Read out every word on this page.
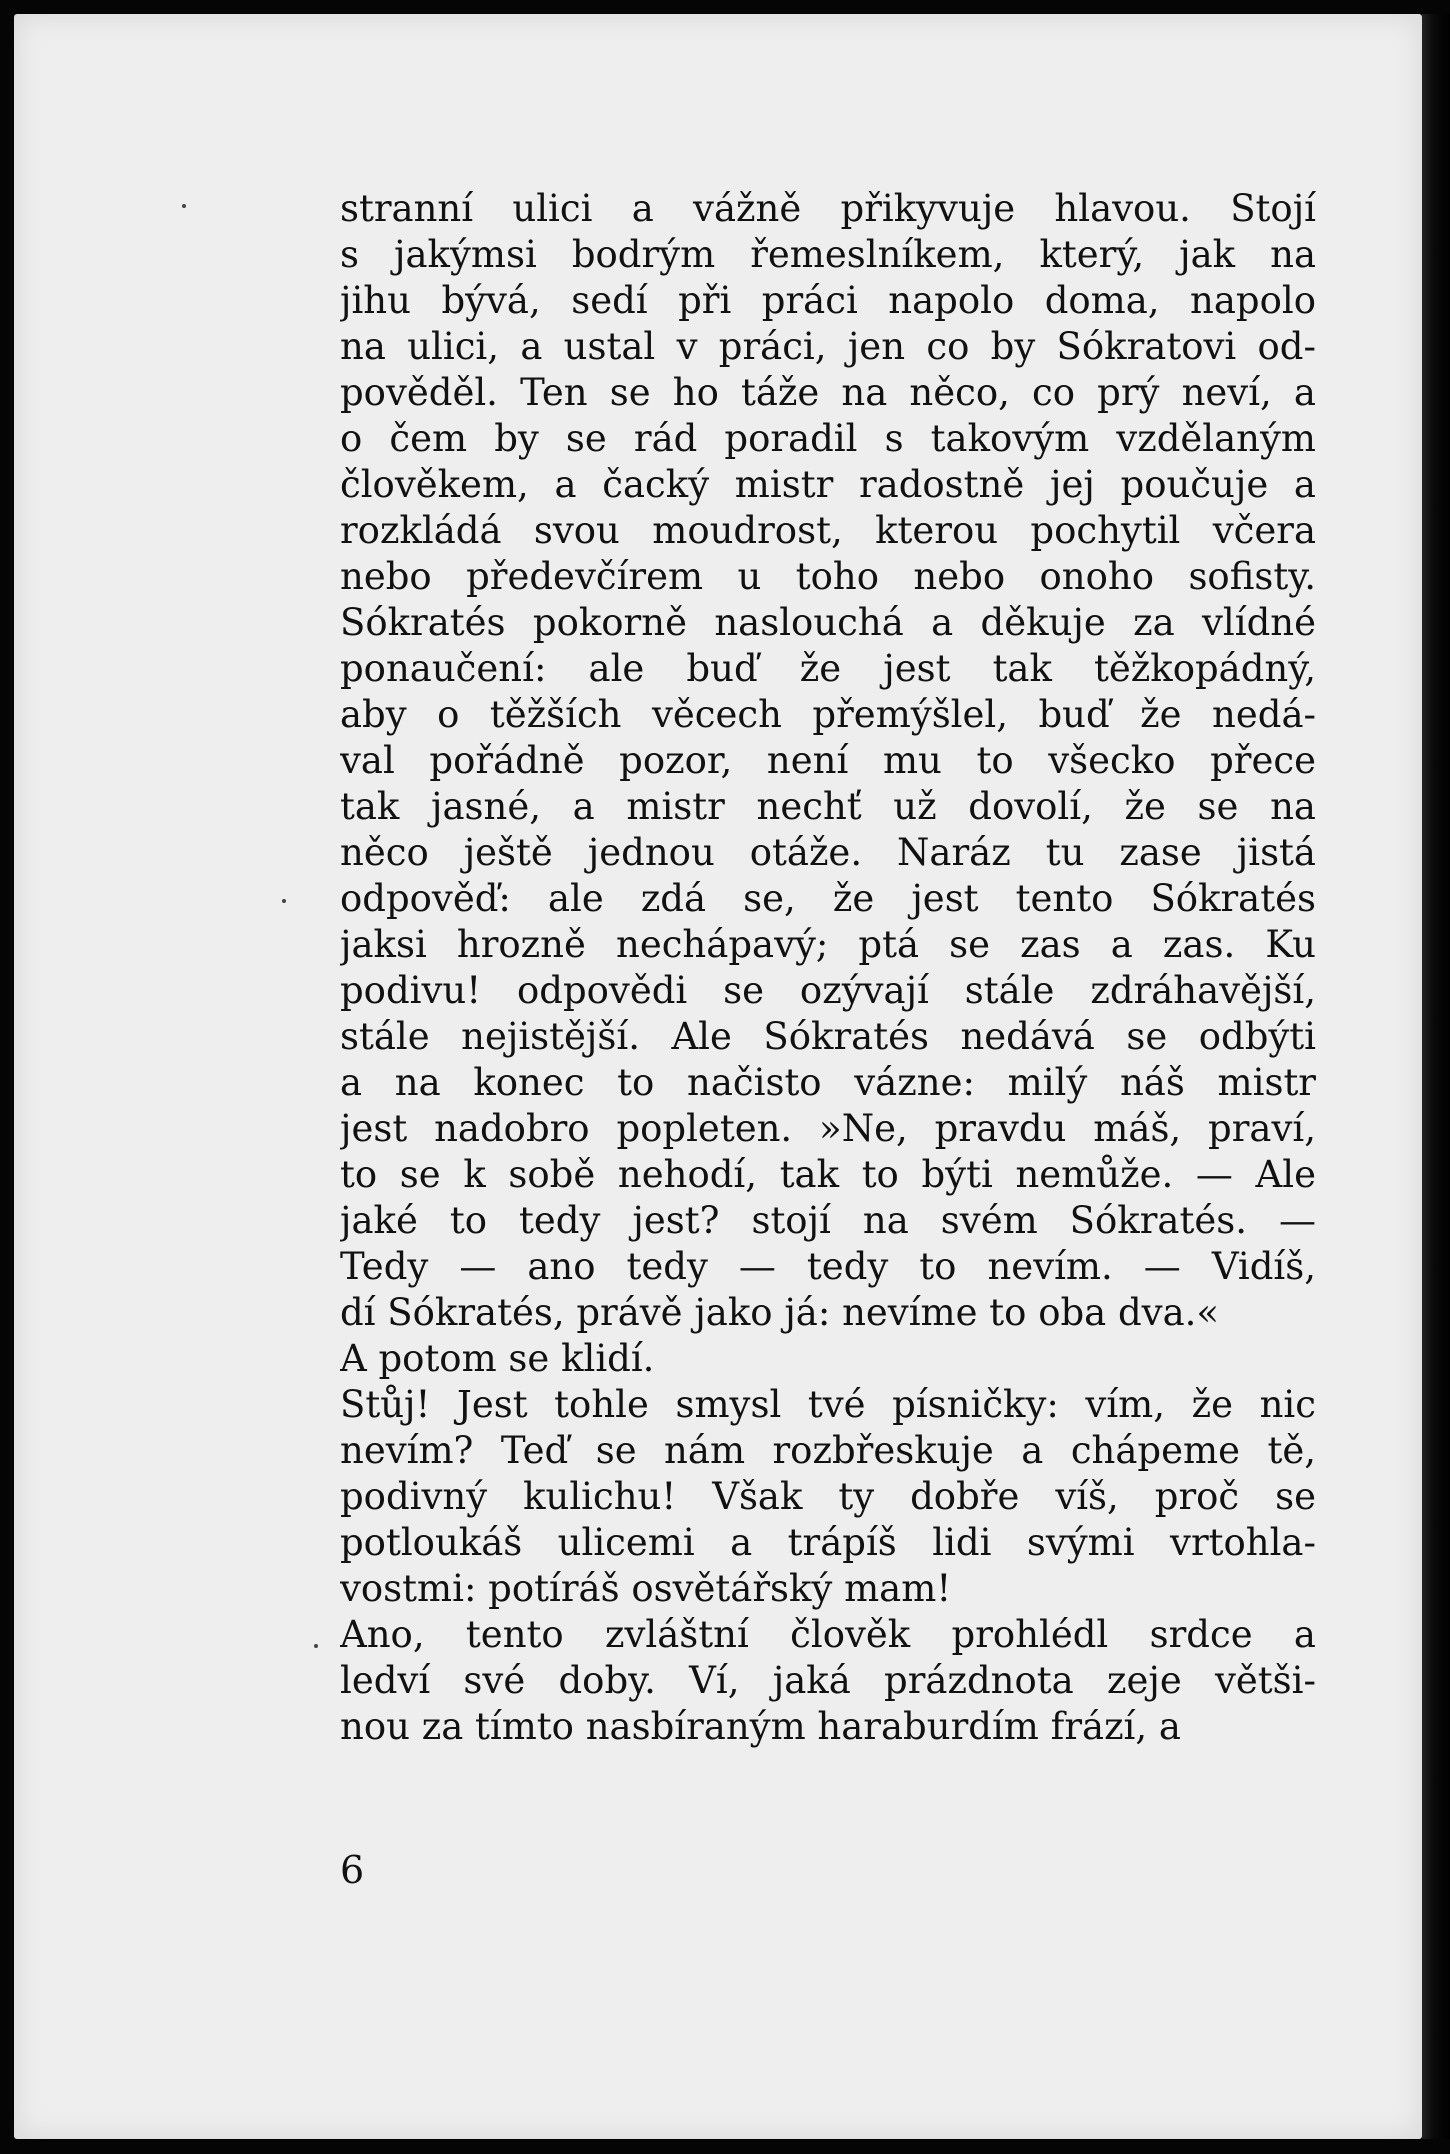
stranní ulici a vážně přikyvuje hlavou. Stojí
s jakýmsi bodrým řemeslníkem, který, jak na
jihu bývá, sedí při práci napolo doma, napolo
na ulici, a ustal v práci, jen co by Sókratovi od-
pověděl. Ten se ho táže na něco, co prý neví, a
o čem by se rád poradil s takovým vzdělaným
člověkem, a čacký mistr radostně jej poučuje a
rozkládá svou moudrost, kterou pochytil včera
nebo předevčírem u toho nebo onoho sofisty.
Sókratés pokorně naslouchá a děkuje za vlídné
ponaučení: ale buď že jest tak těžkopádný,
aby o těžších věcech přemýšlel, buď že nedá-
val pořádně pozor, není mu to všecko přece
tak jasné, a mistr nechť už dovolí, že se na
něco ještě jednou otáže. Naráz tu zase jistá
odpověď: ale zdá se, že jest tento Sókratés
jaksi hrozně nechápavý; ptá se zas a zas. Ku
podivu! odpovědi se ozývají stále zdráhavější,
stále nejistější. Ale Sókratés nedává se odbýti
a na konec to načisto vázne: milý náš mistr
jest nadobro popleten. »Ne, pravdu máš, praví,
to se k sobě nehodí, tak to býti nemůže. — Ale
jaké to tedy jest? stojí na svém Sókratés. —
Tedy — ano tedy — tedy to nevím. — Vidíš,
dí Sókratés, právě jako já: nevíme to oba dva.«
A potom se klidí.
Stůj! Jest tohle smysl tvé písničky: vím, že nic
nevím? Teď se nám rozbřeskuje a chápeme tě,
podivný kulichu! Však ty dobře víš, proč se
potloukáš ulicemi a trápíš lidi svými vrtohla-
vostmi: potíráš osvětářský mam!
Ano, tento zvláštní člověk prohlédl srdce a
ledví své doby. Ví, jaká prázdnota zeje větši-
nou za tímto nasbíraným haraburdím frází, a

6
